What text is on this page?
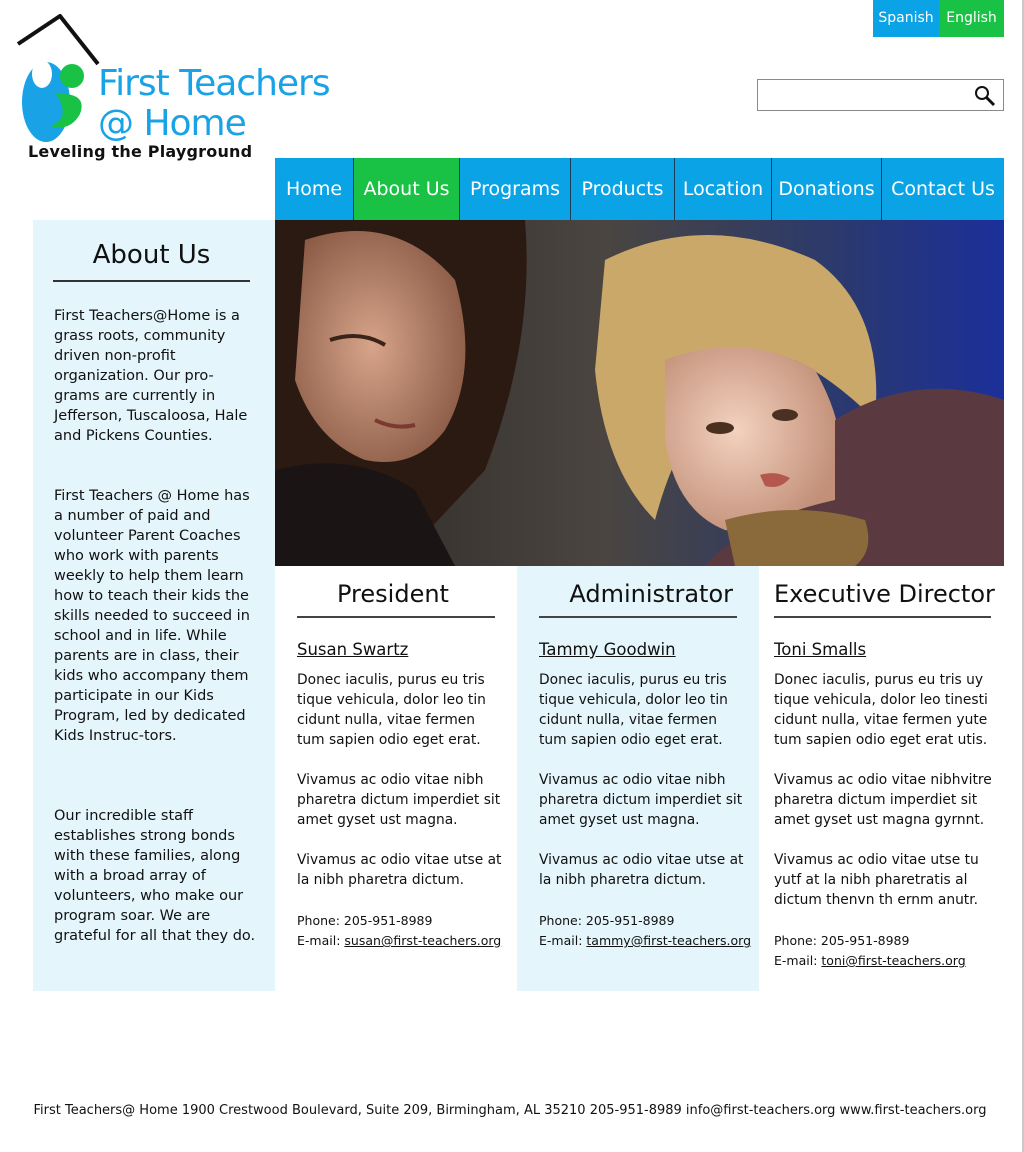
Spanish English
First Teachers
@ Home
Leveling the Playground
Home	About Us	Programs	Products	Location Donations Contact Us
About Us

First Teachers@Home is a grass roots, community driven non-profit organization. Our pro-grams are currently in Jefferson, Tuscaloosa, Hale and Pickens Counties.

First Teachers @ Home has a number of paid and volunteer Parent Coaches who work with parents weekly to help them learn how to teach their kids the skills needed to succeed in school and in life. While parents are in class, their kids who accompany them participate in our Kids Program, led by dedicated Kids Instruc-tors.

Our incredible staff establishes strong bonds with these families, along with a broad array of volunteers, who make our program soar. We are grateful for all that they do.

President
Susan Swartz

Donec iaculis, purus eu tris tique vehicula, dolor leo tin cidunt nulla, vitae fermen tum sapien odio eget erat.

Vivamus ac odio vitae nibh pharetra dictum imperdiet sit amet gyset ust magna.

Vivamus ac odio vitae utse at la nibh pharetra dictum.

Phone: 205-951-8989
E-mail: susan@first-teachers.org
Administrator
Tammy Goodwin

Donec iaculis, purus eu tris tique vehicula, dolor leo tin cidunt nulla, vitae fermen tum sapien odio eget erat.

Vivamus ac odio vitae nibh pharetra dictum imperdiet sit amet gyset ust magna.

Vivamus ac odio vitae utse at la nibh pharetra dictum.

Phone: 205-951-8989
E-mail: tammy@first-teachers.org
Executive Director
Toni Smalls

Donec iaculis, purus eu tris uy tique vehicula, dolor leo tinesti cidunt nulla, vitae fermen yute tum sapien odio eget erat utis.

Vivamus ac odio vitae nibhvitre pharetra dictum imperdiet sit amet gyset ust magna gyrnnt.

Vivamus ac odio vitae utse tu yutf at la nibh pharetratis al dictum thenvn th ernm anutr.

Phone: 205-951-8989
E-mail: toni@first-teachers.org
First Teachers@ Home 1900 Crestwood Boulevard, Suite 209, Birmingham, AL 35210 205-951-8989 info@first-teachers.org www.first-teachers.org
